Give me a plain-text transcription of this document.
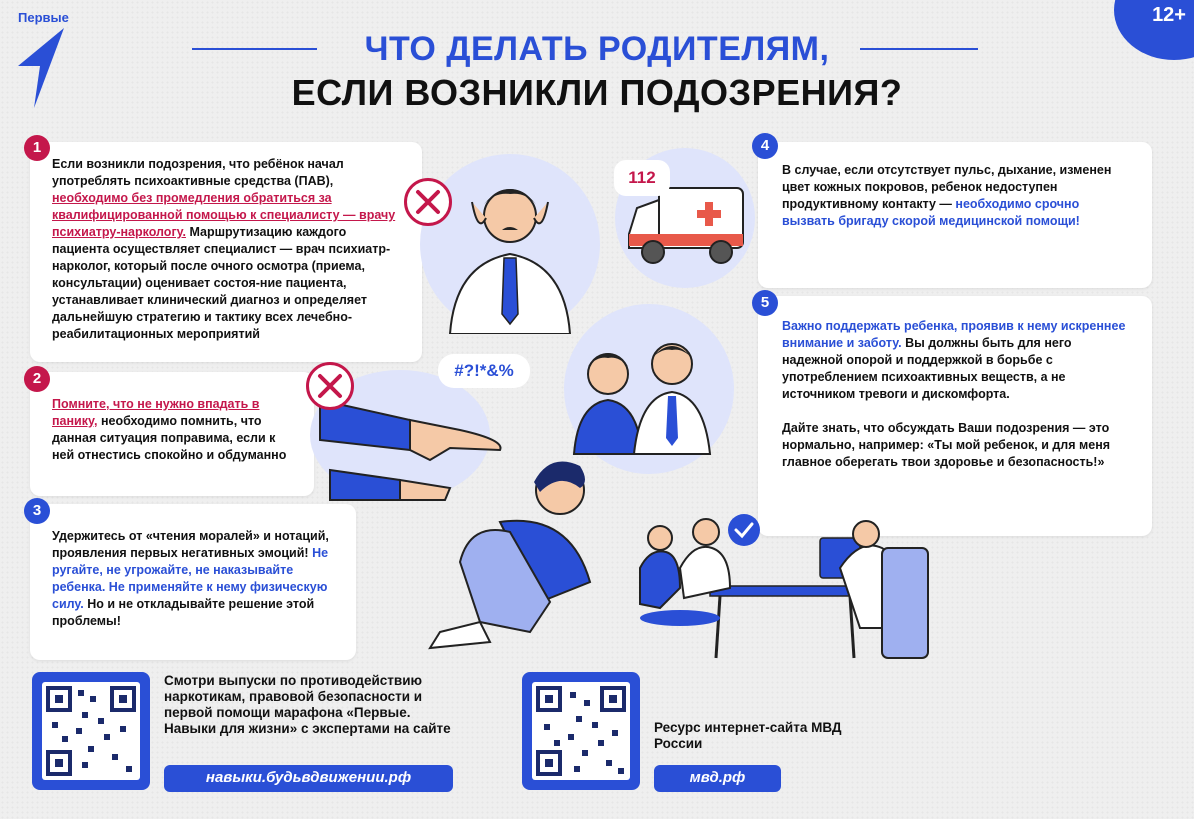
Первые	12+
ЧТО ДЕЛАТЬ РОДИТЕЛЯМ,
ЕСЛИ ВОЗНИКЛИ ПОДОЗРЕНИЯ?

Если возникли подозрения, что ребёнок начал употреблять психоактивные средства (ПАВ), необходимо без промедления обратиться за квалифицированной помощью к специалисту — врачу психиатру-наркологу. Маршрутизацию каждого пациента осуществляет специалист — врач психиатр-нарколог, который после очного осмотра (приема, консультации) оценивает состоя-ние пациента, устанавливает клинический диагноз и определяет дальнейшую стратегию и тактику всех лечебно-реабилитационных мероприятий

1

Помните, что не нужно впадать в панику, необходимо помнить, что данная ситуация поправима, если к ней отнестись спокойно и обдуманно

2

Удержитесь от «чтения моралей» и нотаций, проявления первых негативных эмоций! Не ругайте, не угрожайте, не наказывайте ребенка. Не применяйте к нему физическую силу. Но и не откладывайте решение этой проблемы!

3

В случае, если отсутствует пульс, дыхание, изменен цвет кожных покровов, ребенок недоступен продуктивному контакту — необходимо срочно вызвать бригаду скорой медицинской помощи!

4

Важно поддержать ребенка, проявив к нему искреннее внимание и заботу. Вы должны быть для него надежной опорой и поддержкой в борьбе с употреблением психоактивных веществ, а не источником тревоги и дискомфорта.

Дайте знать, что обсуждать Ваши подозрения — это нормально, например: «Ты мой ребенок, и для меня главное оберегать твои здоровье и безопасность!»

5
112
#?!*&%
Смотри выпуски по противодействию наркотикам, правовой безопасности и первой помощи марафона «Первые. Навыки для жизни» с экспертами на сайте
навыки.будьвдвижении.рф
Ресурс интернет-сайта МВД России
мвд.рф
